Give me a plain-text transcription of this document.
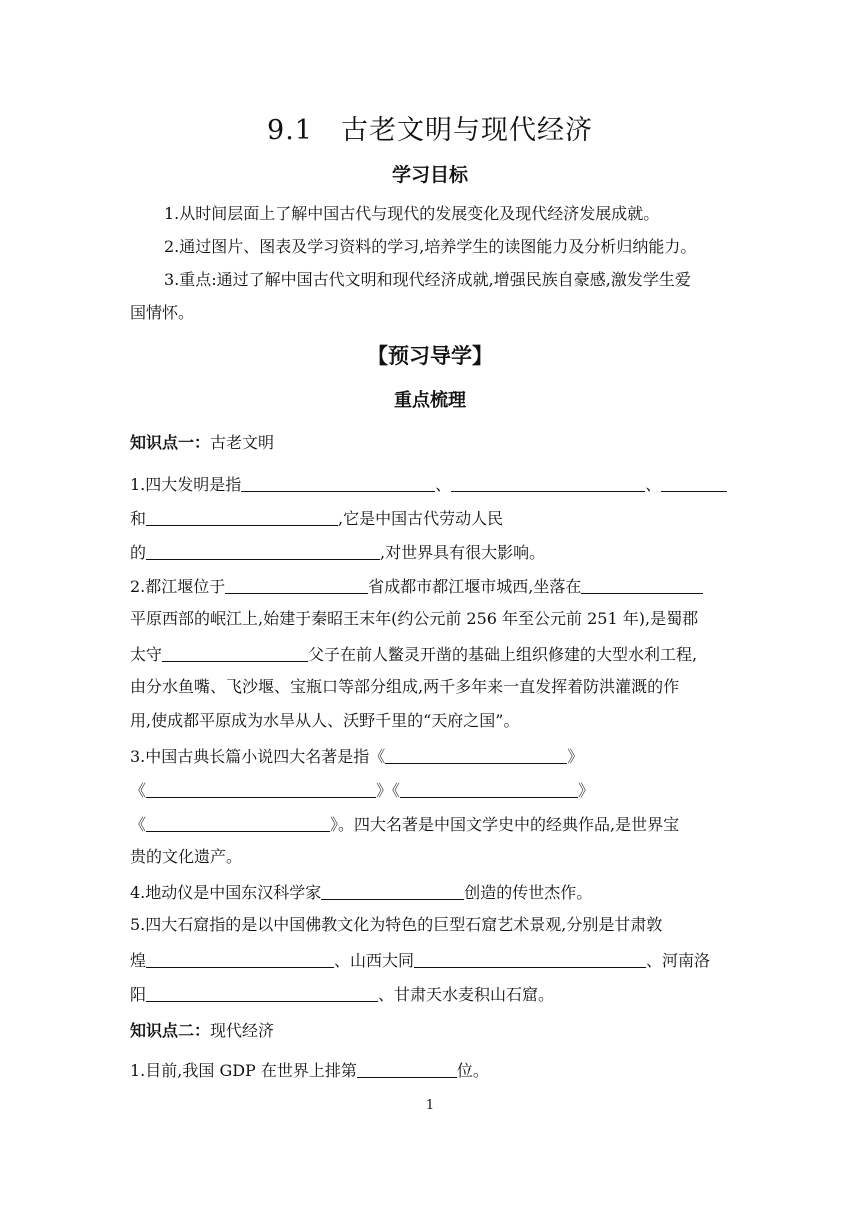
9.1　古老文明与现代经济
学习目标

1.从时间层面上了解中国古代与现代的发展变化及现代经济发展成就。

2.通过图片、图表及学习资料的学习,培养学生的读图能力及分析归纳能力。

3.重点:通过了解中国古代文明和现代经济成就,增强民族自豪感,激发学生爱

国情怀。

【预习导学】
重点梳理

知识点一：古老文明

1.四大发明是指	、	、

和	,它是中国古代劳动人民

的	,对世界具有很大影响。

2.都江堰位于	省成都市都江堰市城西,坐落在

平原西部的岷江上,始建于秦昭王末年(约公元前 256 年至公元前 251 年),是蜀郡

太守	父子在前人鳖灵开凿的基础上组织修建的大型水利工程,

由分水鱼嘴、飞沙堰、宝瓶口等部分组成,两千多年来一直发挥着防洪灌溉的作

用,使成都平原成为水旱从人、沃野千里的“天府之国”。

3.中国古典长篇小说四大名著是指《	》

《	》《	》

《	》。四大名著是中国文学史中的经典作品,是世界宝

贵的文化遗产。

4.地动仪是中国东汉科学家	创造的传世杰作。

5.四大石窟指的是以中国佛教文化为特色的巨型石窟艺术景观,分别是甘肃敦

煌	、山西大同	、河南洛

阳	、甘肃天水麦积山石窟。

知识点二：现代经济

1.目前,我国 GDP 在世界上排第	位。

1
